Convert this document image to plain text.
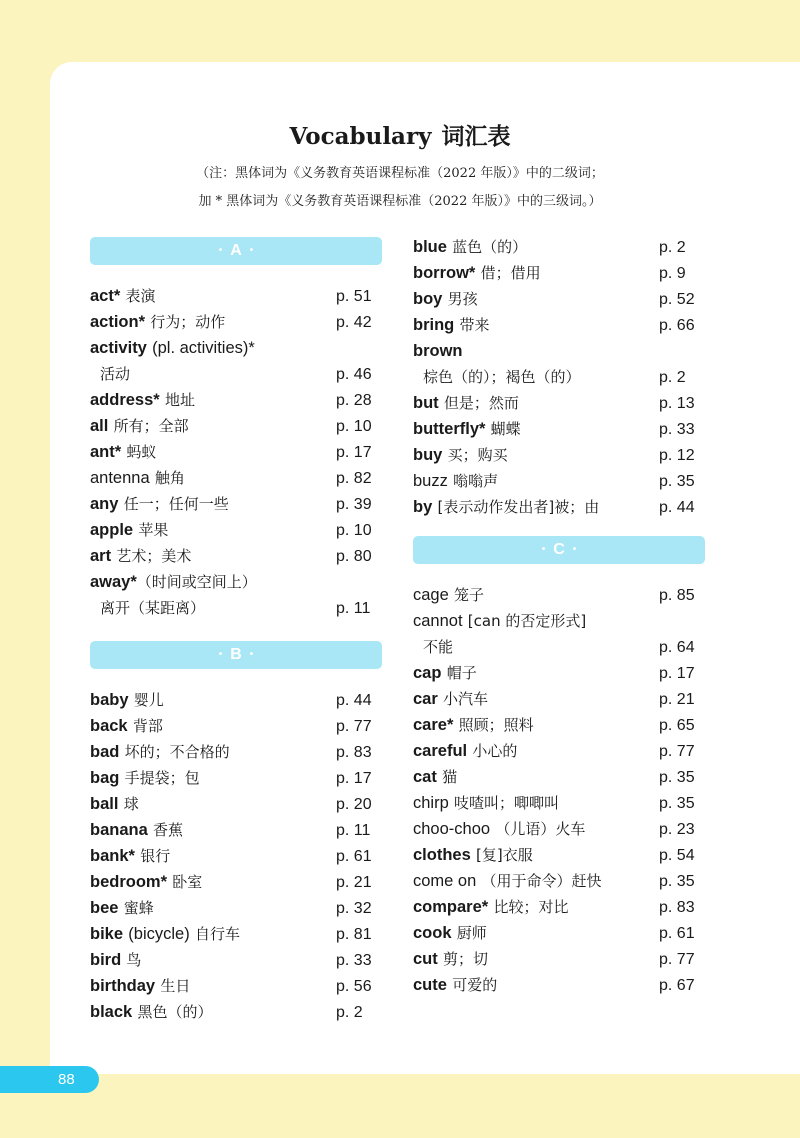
Vocabulary 词汇表
（注：黑体词为《义务教育英语课程标准（2022 年版）》中的二级词；
加 * 黑体词为《义务教育英语课程标准（2022 年版）》中的三级词。）
• A •
act* 表演	p. 51
action* 行为；动作	p. 42
activity (pl. activities)*
活动	p. 46
address* 地址	p. 28
all 所有；全部	p. 10
ant* 蚂蚁	p. 17
antenna 触角	p. 82
any 任一；任何一些	p. 39
apple 苹果	p. 10
art 艺术；美术	p. 80
away*（时间或空间上）
离开（某距离）	p. 11
• B •
baby 婴儿	p. 44
back 背部	p. 77
bad 坏的；不合格的	p. 83
bag 手提袋；包	p. 17
ball 球	p. 20
banana 香蕉	p. 11
bank* 银行	p. 61
bedroom* 卧室	p. 21
bee 蜜蜂	p. 32
bike (bicycle) 自行车	p. 81
bird 鸟	p. 33
birthday 生日	p. 56
black 黑色（的）	p. 2
blue 蓝色（的）	p. 2
borrow* 借；借用	p. 9
boy 男孩	p. 52
bring 带来	p. 66
brown
棕色（的）；褐色（的）	p. 2
but 但是；然而	p. 13
butterfly* 蝴蝶	p. 33
buy 买；购买	p. 12
buzz 嗡嗡声	p. 35
by [表示动作发出者]被；由	p. 44
• C •
cage 笼子	p. 85
cannot [can 的否定形式]
不能	p. 64
cap 帽子	p. 17
car 小汽车	p. 21
care* 照顾；照料	p. 65
careful 小心的	p. 77
cat 猫	p. 35
chirp 吱喳叫；唧唧叫	p. 35
choo-choo （儿语）火车	p. 23
clothes [复]衣服	p. 54
come on （用于命令）赶快	p. 35
compare* 比较；对比	p. 83
cook 厨师	p. 61
cut 剪；切	p. 77
cute 可爱的	p. 67
88
